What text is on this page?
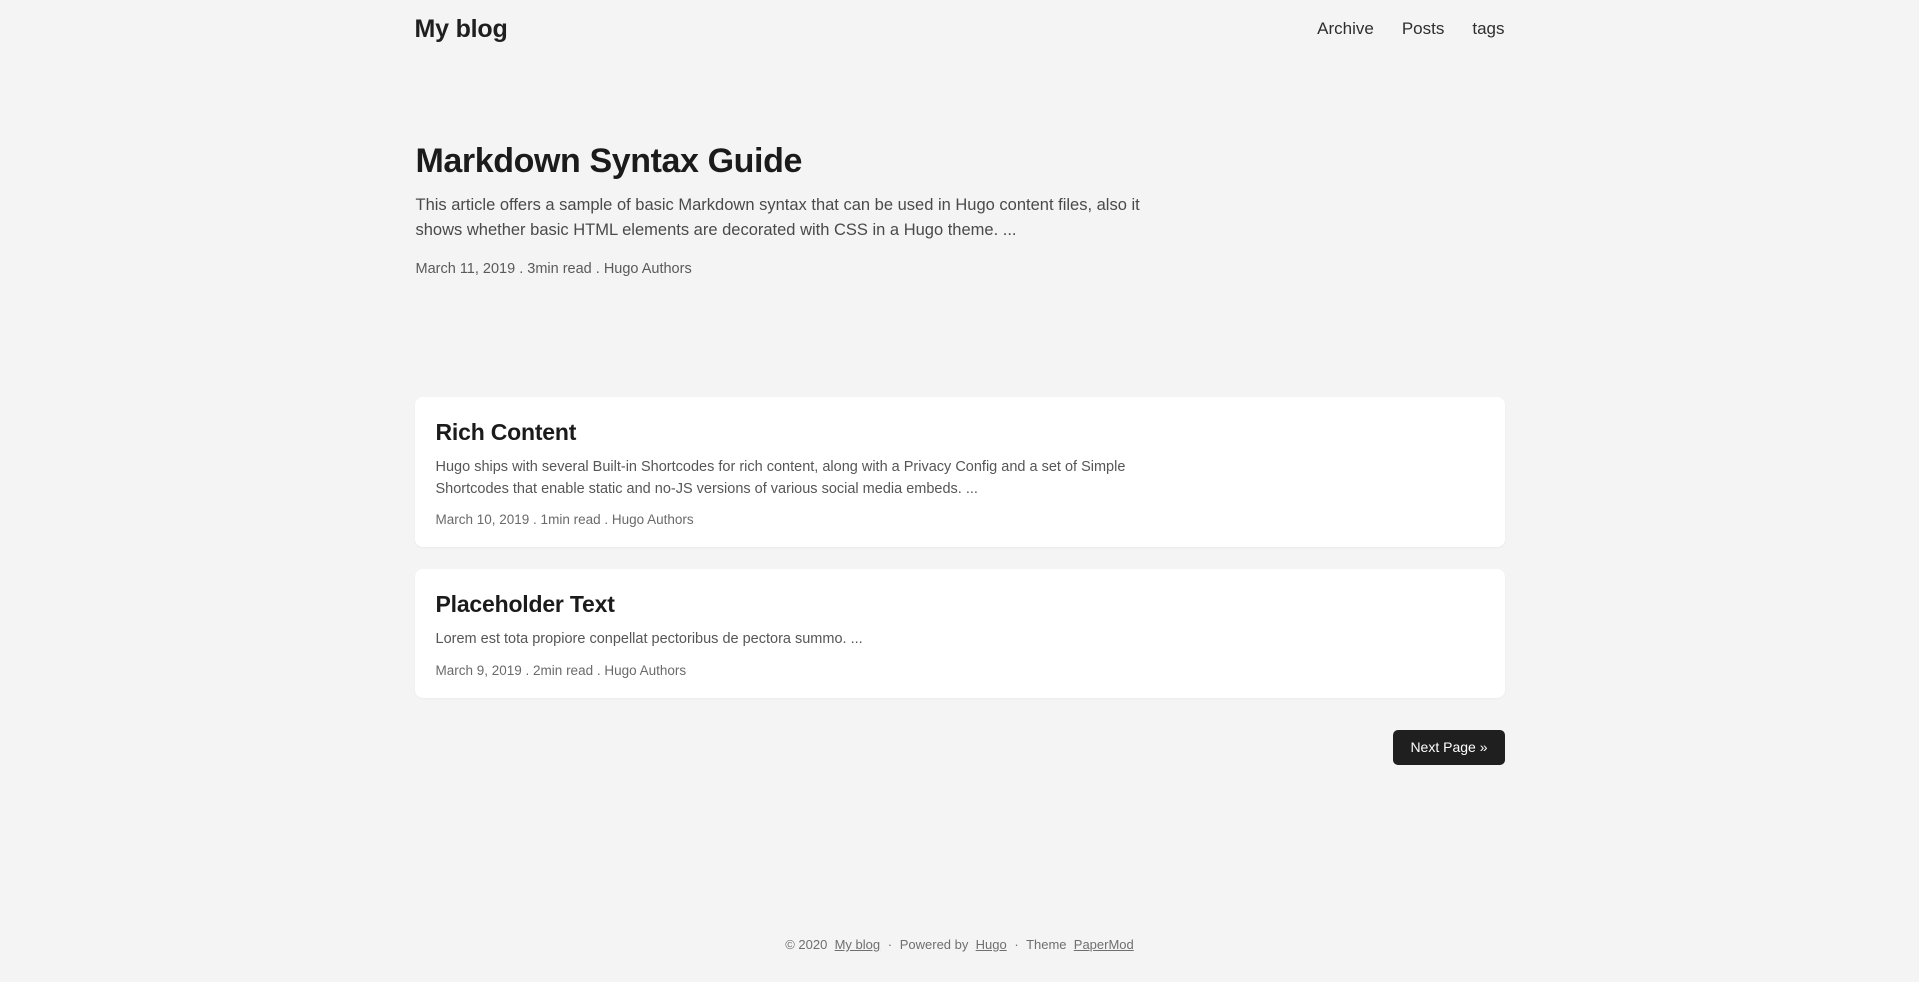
My blog	Archive Posts tags
Markdown Syntax Guide

This article offers a sample of basic Markdown syntax that can be used in Hugo content files, also it shows whether basic HTML elements are decorated with CSS in a Hugo theme. ...

March 11, 2019 . 3min read . Hugo Authors
Rich Content

Hugo ships with several Built-in Shortcodes for rich content, along with a Privacy Config and a set of Simple Shortcodes that enable static and no-JS versions of various social media embeds. ...

March 10, 2019 . 1min read . Hugo Authors
Placeholder Text

Lorem est tota propiore conpellat pectoribus de pectora summo. ...

March 9, 2019 . 2min read . Hugo Authors
Next Page »
© 2020 My blog · Powered by Hugo · Theme PaperMod
